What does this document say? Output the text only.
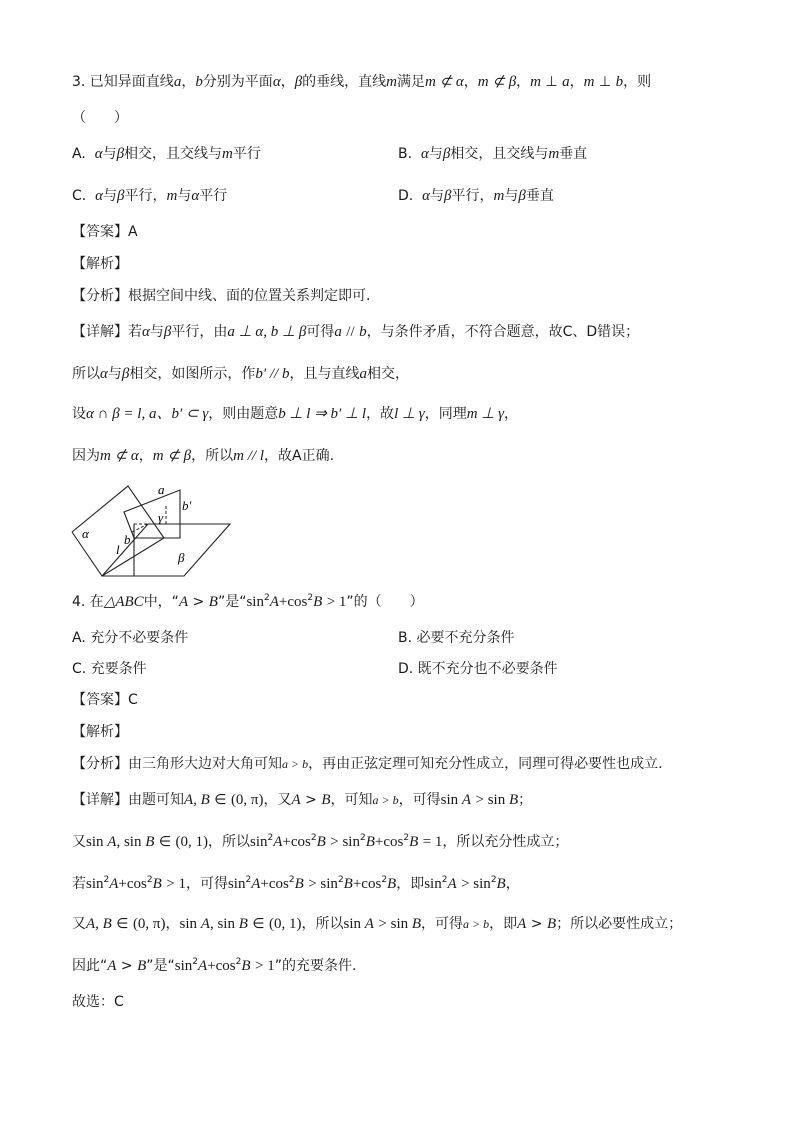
3. 已知异面直线a，b分别为平面α，β的垂线，直线m满足m ⊄ α，m ⊄ β，m ⊥ a，m ⊥ b，则
（　　）
A. α与β相交，且交线与m平行	B. α与β相交，且交线与m垂直
C. α与β平行，m与α平行	D. α与β平行，m与β垂直
【答案】A
【解析】
【分析】根据空间中线、面的位置关系判定即可.
【详解】若α与β平行，由a ⊥ α, b ⊥ β可得a // b，与条件矛盾，不符合题意，故C、D错误；
所以α与β相交，如图所示，作b′ // b，且与直线a相交，
设α ∩ β = l, a、b′ ⊂ γ，则由题意b ⊥ l ⇒ b′ ⊥ l，故l ⊥ γ，同理m ⊥ γ，
因为m ⊄ α，m ⊄ β，所以m // l，故A正确.
a
b′
γ
α	b
l
β
4. 在△ABC中，“A > B”是“$\sin^2A+\cos^2B > 1$”的（　　）
A. 充分不必要条件	B. 必要不充分条件
C. 充要条件	D. 既不充分也不必要条件
【答案】C
【解析】
【分析】由三角形大边对大角可知a > b，再由正弦定理可知充分性成立，同理可得必要性也成立.
【详解】由题可知A, B ∈ (0, π)，又A > B，可知a > b，可得sin A > sin B；
又sin A, sin B ∈ (0, 1)，所以$\sin^2A+\cos^2B > \sin^2B+\cos^2B = 1$，所以充分性成立；
若$\sin^2A+\cos^2B > 1$，可得$\sin^2A+\cos^2B > \sin^2B+\cos^2B$，即$\sin^2A > \sin^2B$，
又A, B ∈ (0, π)，sin A, sin B ∈ (0, 1)，所以sin A > sin B，可得a > b，即A > B；所以必要性成立；
因此“A > B”是“$\sin^2A+\cos^2B > 1$”的充要条件.
故选：C
